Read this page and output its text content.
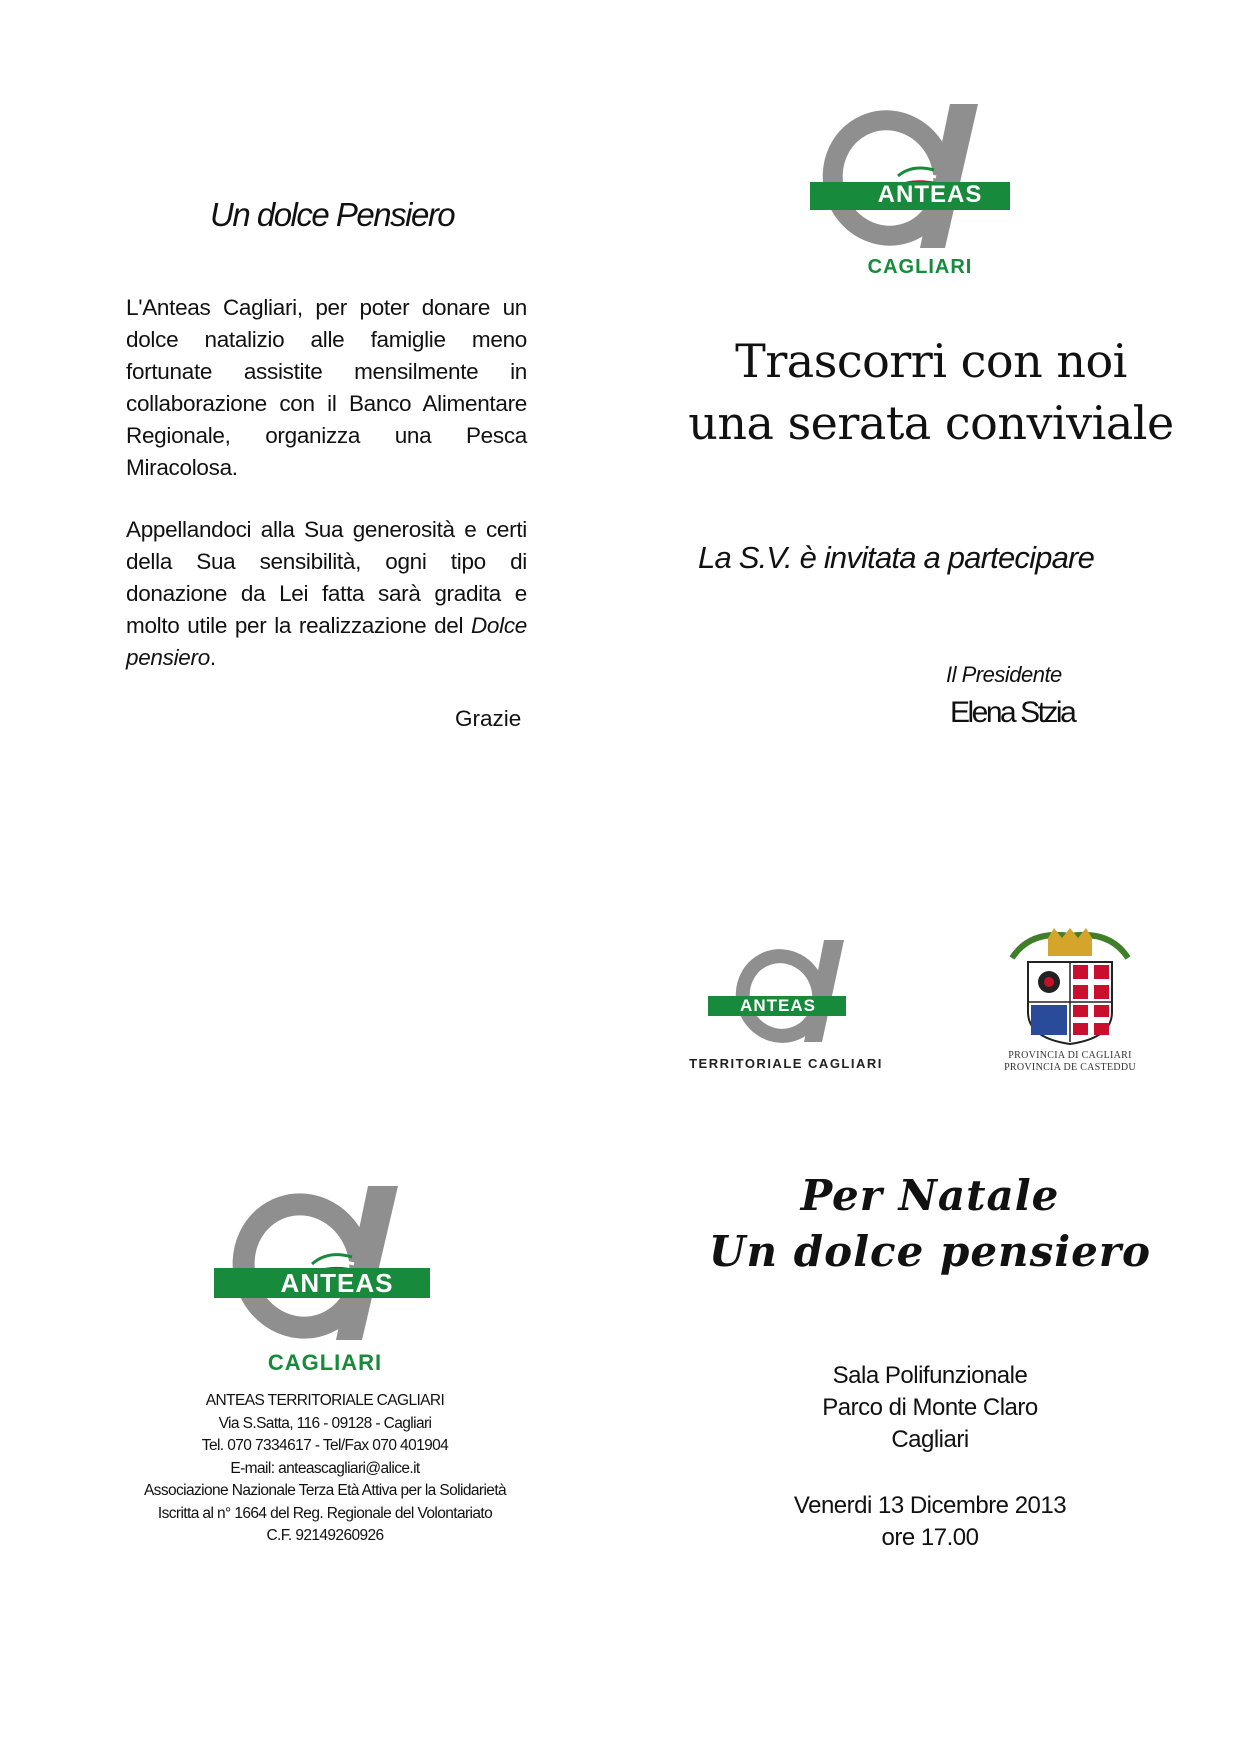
Un dolce Pensiero

L'Anteas Cagliari, per poter donare un dolce natalizio alle famiglie meno fortunate assistite mensilmente in collaborazione con il Banco Alimentare Regionale, organizza una Pesca Miracolosa.

Appellandoci alla Sua generosità e certi della Sua sensibilità, ogni tipo di donazione da Lei fatta sarà gradita e molto utile per la realizzazione del Dolce pensiero.

Grazie
ANTEAS
CAGLIARI
Trascorri con noi
una serata conviviale
La S.V. è invitata a partecipare
Il Presidente
Elena Stzia
ANTEAS
TERRITORIALE CAGLIARI
PROVINCIA DI CAGLIARI
PROVINCIA DE CASTEDDU
Per Natale
Un dolce pensiero
Sala Polifunzionale
Parco di Monte Claro
Cagliari
Venerdi 13 Dicembre 2013
ore 17.00
ANTEAS
CAGLIARI
ANTEAS TERRITORIALE CAGLIARI
Via S.Satta, 116 - 09128 - Cagliari
Tel. 070 7334617 - Tel/Fax 070 401904
E-mail: anteascagliari@alice.it
Associazione Nazionale Terza Età Attiva per la Solidarietà
Iscritta al n° 1664 del Reg. Regionale del Volontariato
C.F. 92149260926
